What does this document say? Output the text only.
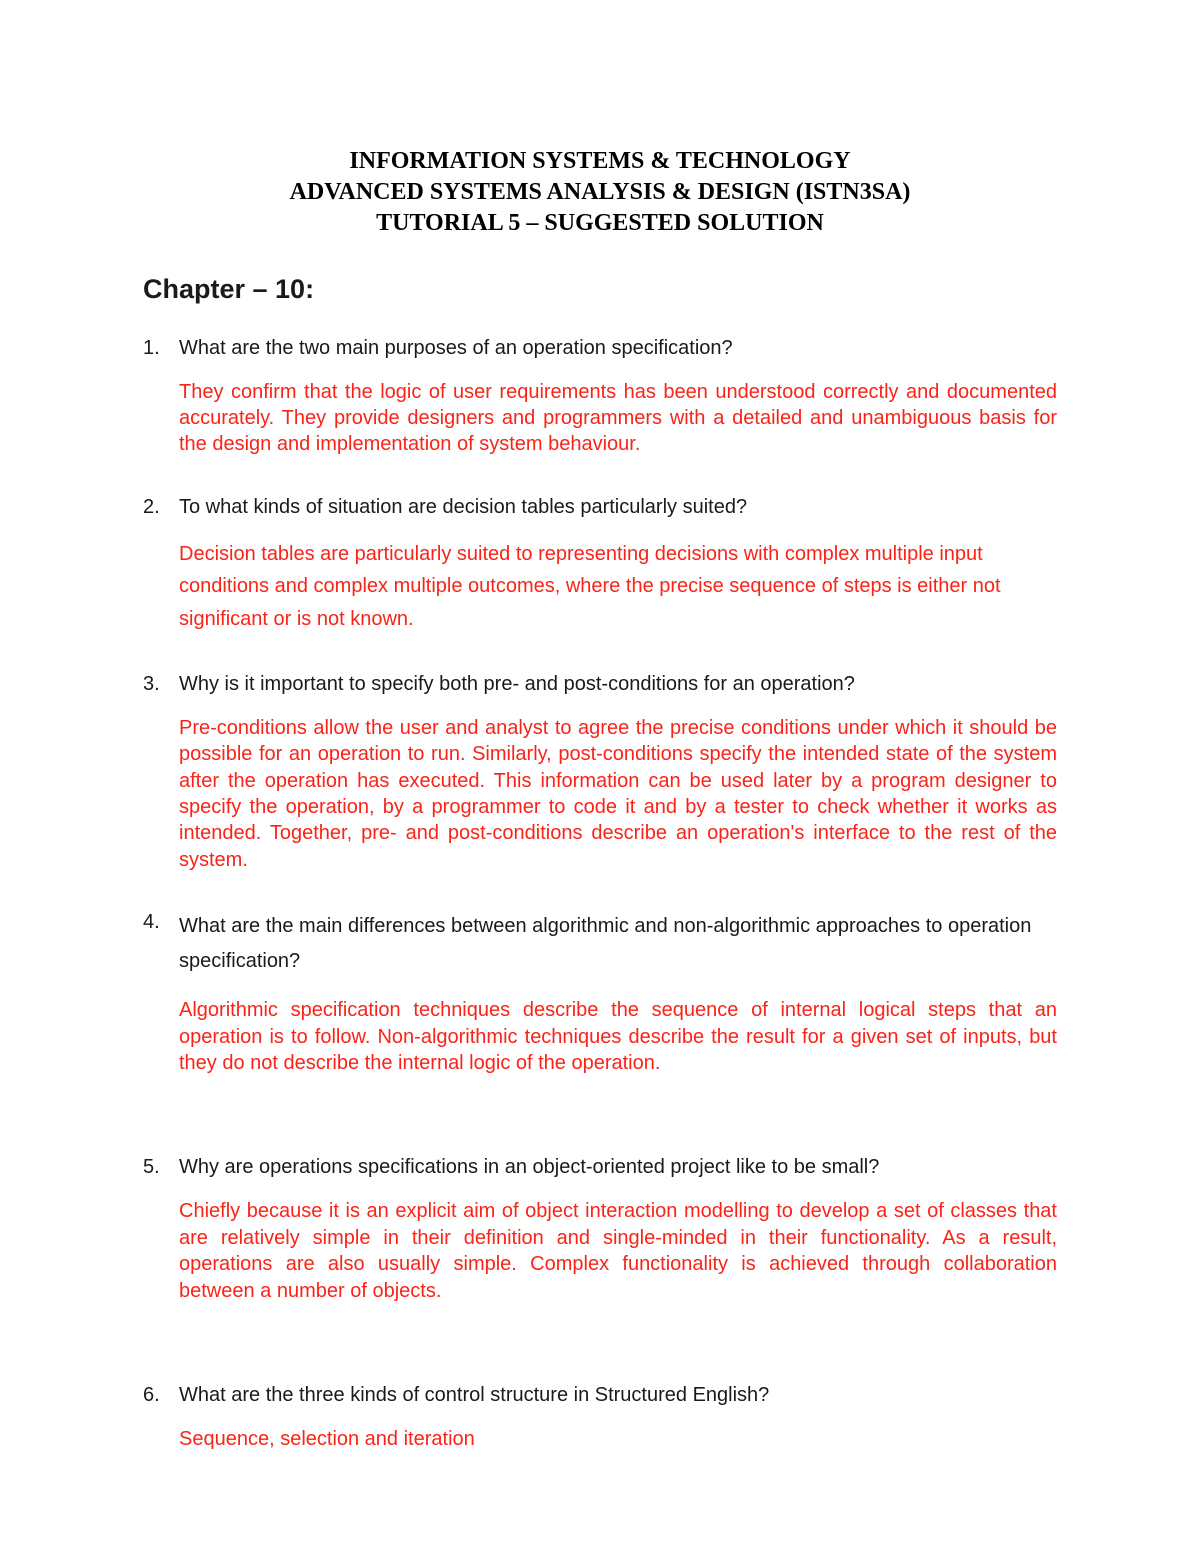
INFORMATION SYSTEMS & TECHNOLOGY
ADVANCED SYSTEMS ANALYSIS & DESIGN (ISTN3SA)
TUTORIAL 5 – SUGGESTED SOLUTION
Chapter – 10:
1. What are the two main purposes of an operation specification?

They confirm that the logic of user requirements has been understood correctly and documented accurately. They provide designers and programmers with a detailed and unambiguous basis for the design and implementation of system behaviour.

2. To what kinds of situation are decision tables particularly suited?

Decision tables are particularly suited to representing decisions with complex multiple input conditions and complex multiple outcomes, where the precise sequence of steps is either not significant or is not known.

3. Why is it important to specify both pre- and post-conditions for an operation?

Pre-conditions allow the user and analyst to agree the precise conditions under which it should be possible for an operation to run. Similarly, post-conditions specify the intended state of the system after the operation has executed. This information can be used later by a program designer to specify the operation, by a programmer to code it and by a tester to check whether it works as intended. Together, pre- and post-conditions describe an operation's interface to the rest of the system.

4. What are the main differences between algorithmic and non-algorithmic approaches to operation specification?

Algorithmic specification techniques describe the sequence of internal logical steps that an operation is to follow. Non-algorithmic techniques describe the result for a given set of inputs, but they do not describe the internal logic of the operation.

5. Why are operations specifications in an object-oriented project like to be small?

Chiefly because it is an explicit aim of object interaction modelling to develop a set of classes that are relatively simple in their definition and single-minded in their functionality. As a result, operations are also usually simple. Complex functionality is achieved through collaboration between a number of objects.

6. What are the three kinds of control structure in Structured English?

Sequence, selection and iteration
